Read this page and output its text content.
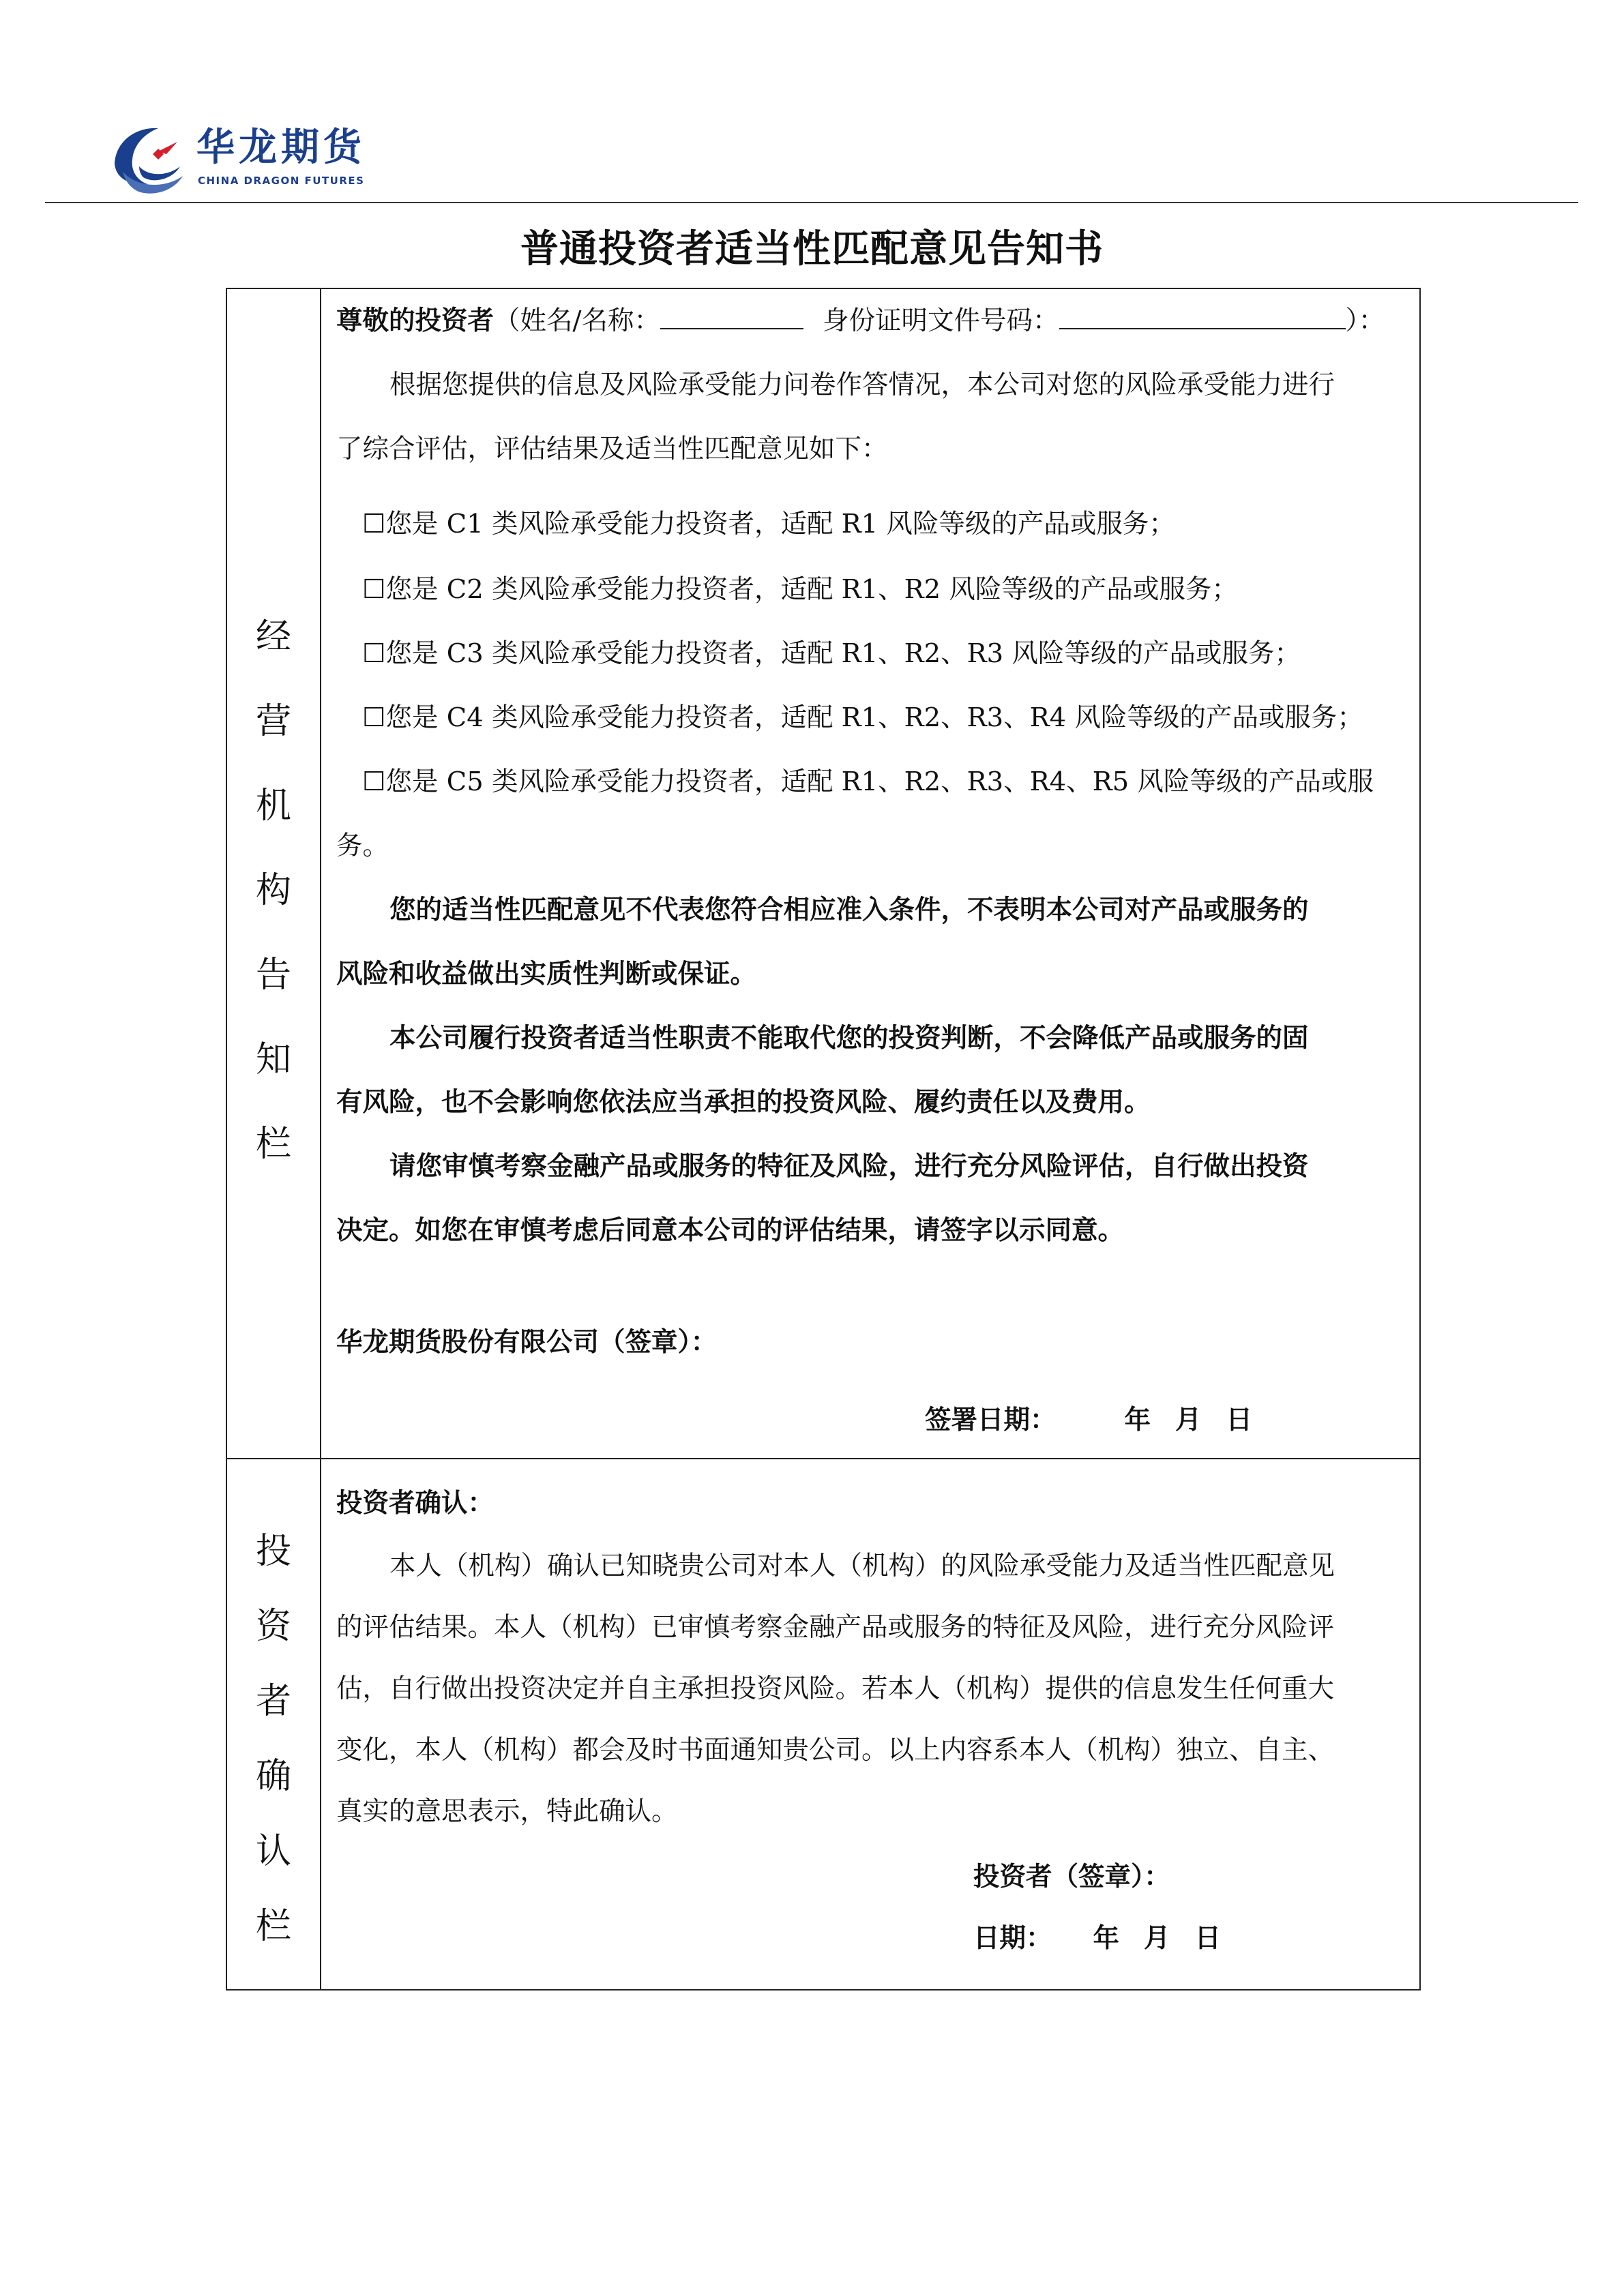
华龙期货
CHINA DRAGON FUTURES
普通投资者适当性匹配意见告知书
经
营
机
构
告
知
栏
尊敬的投资者（姓名/名称：	身份证明文件号码：	）：
根据您提供的信息及风险承受能力问卷作答情况，本公司对您的风险承受能力进行
了综合评估，评估结果及适当性匹配意见如下：
☐您是 C1 类风险承受能力投资者，适配 R1 风险等级的产品或服务；
☐您是 C2 类风险承受能力投资者，适配 R1、R2 风险等级的产品或服务；
☐您是 C3 类风险承受能力投资者，适配 R1、R2、R3 风险等级的产品或服务；
☐您是 C4 类风险承受能力投资者，适配 R1、R2、R3、R4 风险等级的产品或服务；
☐您是 C5 类风险承受能力投资者，适配 R1、R2、R3、R4、R5 风险等级的产品或服
务。
您的适当性匹配意见不代表您符合相应准入条件，不表明本公司对产品或服务的
风险和收益做出实质性判断或保证。
本公司履行投资者适当性职责不能取代您的投资判断，不会降低产品或服务的固
有风险，也不会影响您依法应当承担的投资风险、履约责任以及费用。
请您审慎考察金融产品或服务的特征及风险，进行充分风险评估，自行做出投资
决定。如您在审慎考虑后同意本公司的评估结果，请签字以示同意。
华龙期货股份有限公司（签章）：
签署日期：	年 月 日
投
资
者
确
认
栏
投资者确认：
本人（机构）确认已知晓贵公司对本人（机构）的风险承受能力及适当性匹配意见
的评估结果。本人（机构）已审慎考察金融产品或服务的特征及风险，进行充分风险评
估，自行做出投资决定并自主承担投资风险。若本人（机构）提供的信息发生任何重大
变化，本人（机构）都会及时书面通知贵公司。以上内容系本人（机构）独立、自主、
真实的意思表示，特此确认。
投资者（签章）：
日期： 年 月 日
